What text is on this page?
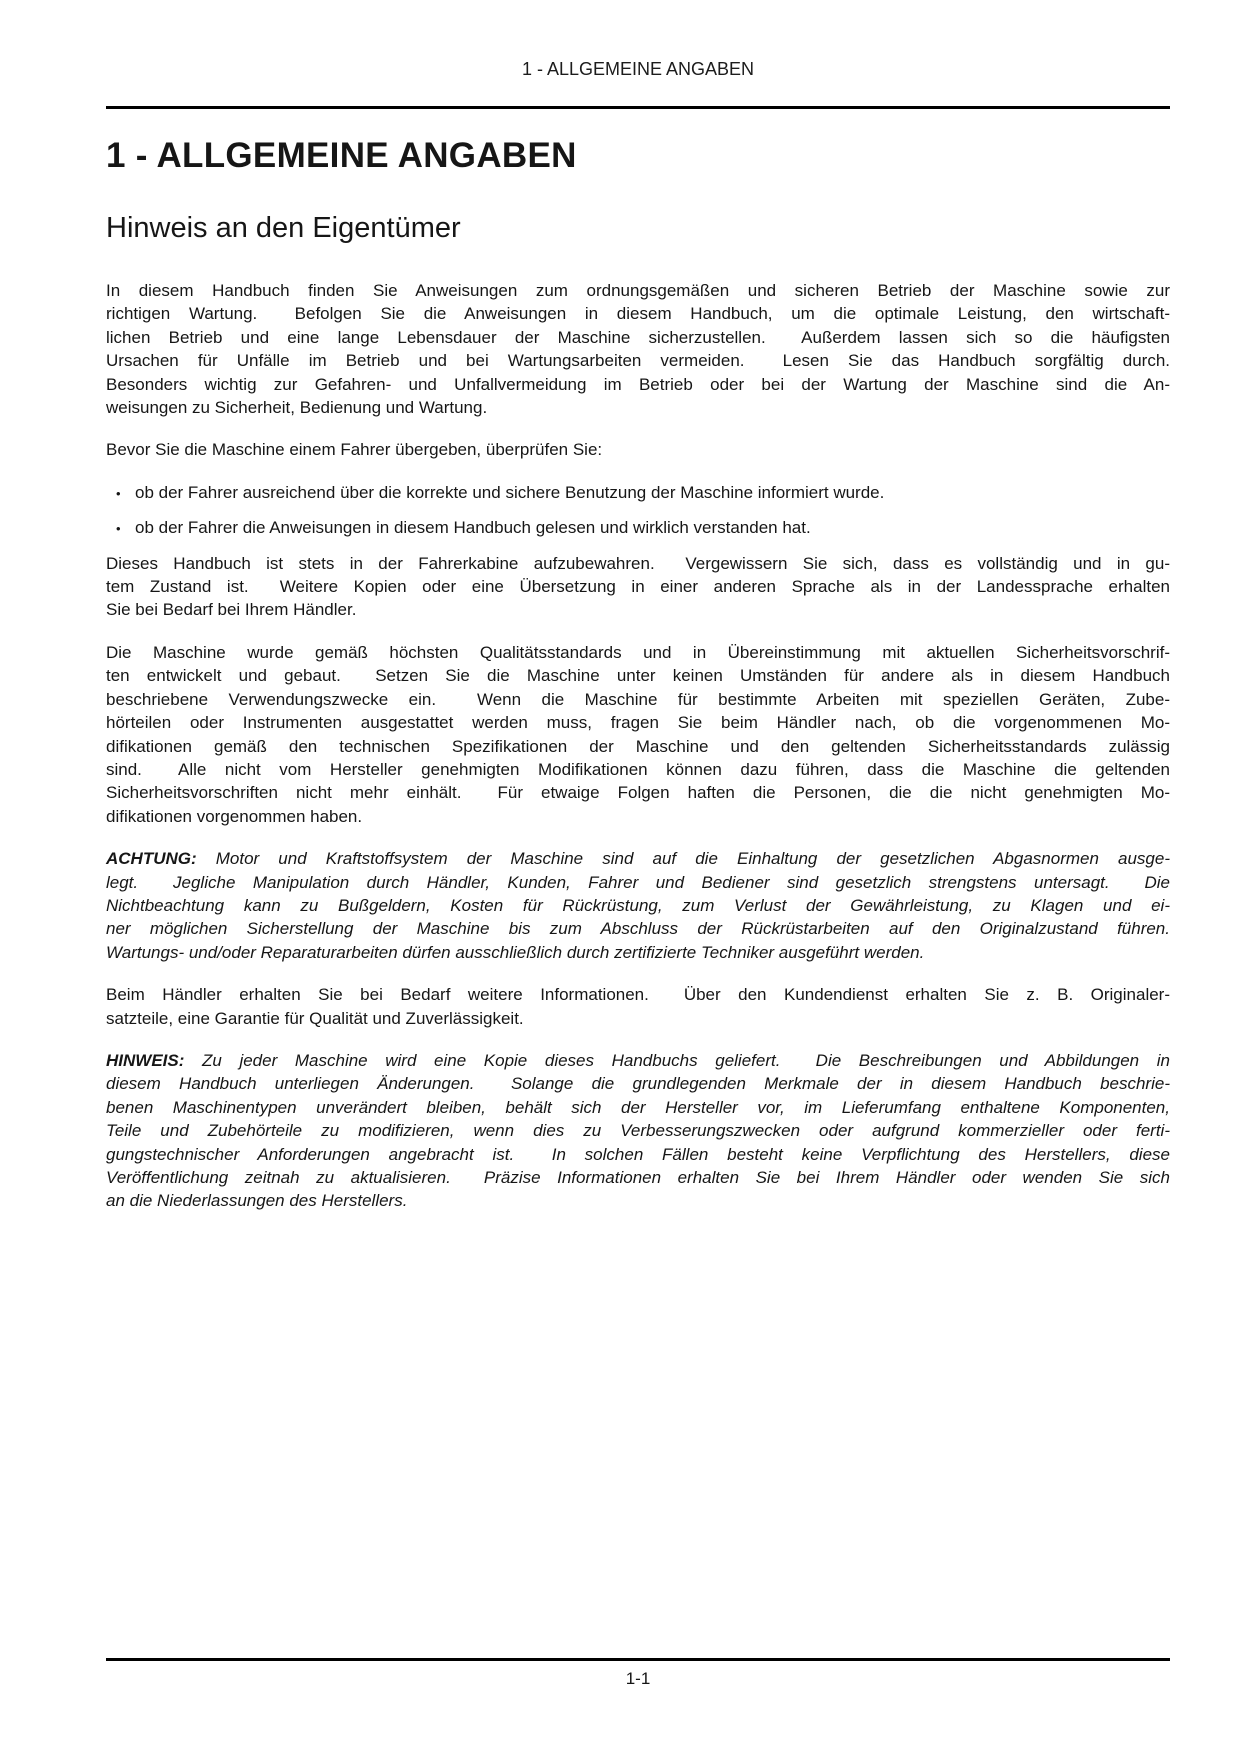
1 - ALLGEMEINE ANGABEN
1 - ALLGEMEINE ANGABEN
Hinweis an den Eigentümer
In diesem Handbuch finden Sie Anweisungen zum ordnungsgemäßen und sicheren Betrieb der Maschine sowie zur
richtigen Wartung.  Befolgen Sie die Anweisungen in diesem Handbuch, um die optimale Leistung, den wirtschaft-
lichen Betrieb und eine lange Lebensdauer der Maschine sicherzustellen.  Außerdem lassen sich so die häufigsten
Ursachen für Unfälle im Betrieb und bei Wartungsarbeiten vermeiden.  Lesen Sie das Handbuch sorgfältig durch.
Besonders wichtig zur Gefahren- und Unfallvermeidung im Betrieb oder bei der Wartung der Maschine sind die An-
weisungen zu Sicherheit, Bedienung und Wartung.
Bevor Sie die Maschine einem Fahrer übergeben, überprüfen Sie:
• ob der Fahrer ausreichend über die korrekte und sichere Benutzung der Maschine informiert wurde.
• ob der Fahrer die Anweisungen in diesem Handbuch gelesen und wirklich verstanden hat.
Dieses Handbuch ist stets in der Fahrerkabine aufzubewahren.  Vergewissern Sie sich, dass es vollständig und in gu-
tem Zustand ist.  Weitere Kopien oder eine Übersetzung in einer anderen Sprache als in der Landessprache erhalten
Sie bei Bedarf bei Ihrem Händler.
Die Maschine wurde gemäß höchsten Qualitätsstandards und in Übereinstimmung mit aktuellen Sicherheitsvorschrif-
ten entwickelt und gebaut.  Setzen Sie die Maschine unter keinen Umständen für andere als in diesem Handbuch
beschriebene Verwendungszwecke ein.  Wenn die Maschine für bestimmte Arbeiten mit speziellen Geräten, Zube-
hörteilen oder Instrumenten ausgestattet werden muss, fragen Sie beim Händler nach, ob die vorgenommenen Mo-
difikationen gemäß den technischen Spezifikationen der Maschine und den geltenden Sicherheitsstandards zulässig
sind.  Alle nicht vom Hersteller genehmigten Modifikationen können dazu führen, dass die Maschine die geltenden
Sicherheitsvorschriften nicht mehr einhält.  Für etwaige Folgen haften die Personen, die die nicht genehmigten Mo-
difikationen vorgenommen haben.
ACHTUNG: Motor und Kraftstoffsystem der Maschine sind auf die Einhaltung der gesetzlichen Abgasnormen ausge-
legt.  Jegliche Manipulation durch Händler, Kunden, Fahrer und Bediener sind gesetzlich strengstens untersagt.  Die
Nichtbeachtung kann zu Bußgeldern, Kosten für Rückrüstung, zum Verlust der Gewährleistung, zu Klagen und ei-
ner möglichen Sicherstellung der Maschine bis zum Abschluss der Rückrüstarbeiten auf den Originalzustand führen.
Wartungs- und/oder Reparaturarbeiten dürfen ausschließlich durch zertifizierte Techniker ausgeführt werden.
Beim Händler erhalten Sie bei Bedarf weitere Informationen.  Über den Kundendienst erhalten Sie z. B. Originaler-
satzteile, eine Garantie für Qualität und Zuverlässigkeit.
HINWEIS: Zu jeder Maschine wird eine Kopie dieses Handbuchs geliefert.  Die Beschreibungen und Abbildungen in
diesem Handbuch unterliegen Änderungen.  Solange die grundlegenden Merkmale der in diesem Handbuch beschrie-
benen Maschinentypen unverändert bleiben, behält sich der Hersteller vor, im Lieferumfang enthaltene Komponenten,
Teile und Zubehörteile zu modifizieren, wenn dies zu Verbesserungszwecken oder aufgrund kommerzieller oder ferti-
gungstechnischer Anforderungen angebracht ist.  In solchen Fällen besteht keine Verpflichtung des Herstellers, diese
Veröffentlichung zeitnah zu aktualisieren.  Präzise Informationen erhalten Sie bei Ihrem Händler oder wenden Sie sich
an die Niederlassungen des Herstellers.
1-1
